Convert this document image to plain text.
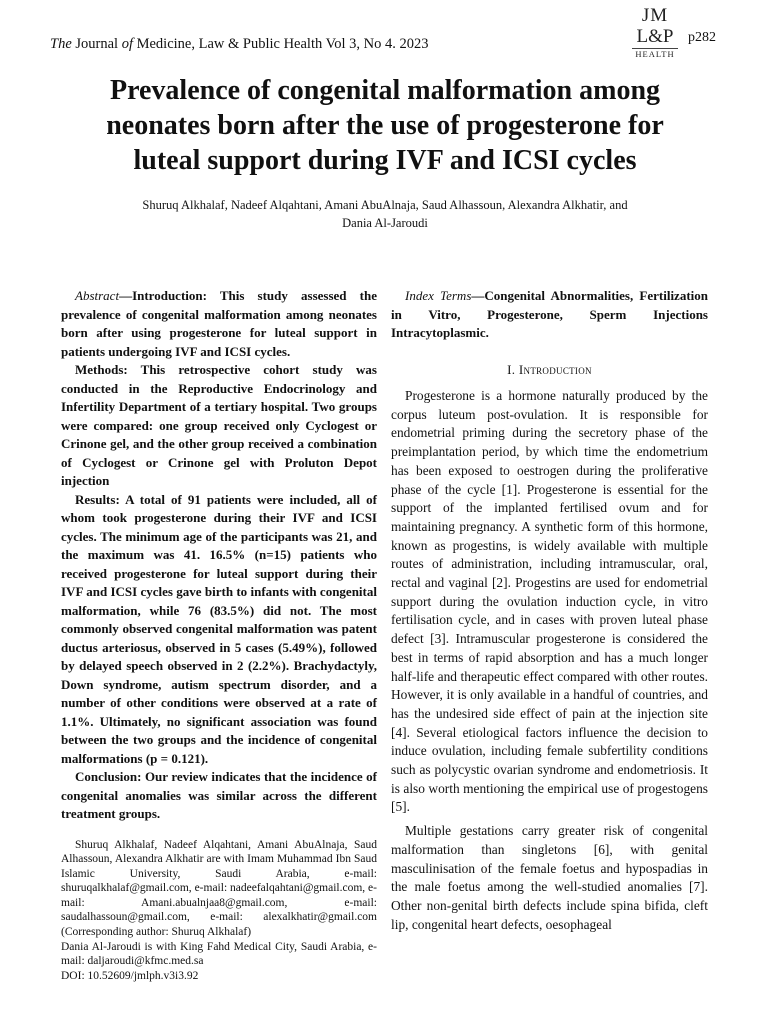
The Journal of Medicine, Law & Public Health Vol 3, No 4. 2023
JM
L&P
HEALTH
p282
Prevalence of congenital malformation among
neonates born after the use of progesterone for
luteal support during IVF and ICSI cycles
Shuruq Alkhalaf, Nadeef Alqahtani, Amani AbuAlnaja, Saud Alhassoun, Alexandra Alkhatir, and
Dania Al-Jaroudi

Abstract—Introduction: This study assessed the prevalence of congenital malformation among neonates born after using progesterone for luteal support in patients undergoing IVF and ICSI cycles.

Methods: This retrospective cohort study was conducted in the Reproductive Endocrinology and Infertility Department of a tertiary hospital. Two groups were compared: one group received only Cyclogest or Crinone gel, and the other group received a combination of Cyclogest or Crinone gel with Proluton Depot injection

Results: A total of 91 patients were included, all of whom took progesterone during their IVF and ICSI cycles. The minimum age of the participants was 21, and the maximum was 41. 16.5% (n=15) patients who received progesterone for luteal support during their IVF and ICSI cycles gave birth to infants with congenital malformation, while 76 (83.5%) did not. The most commonly observed congenital malformation was patent ductus arteriosus, observed in 5 cases (5.49%), followed by delayed speech observed in 2 (2.2%). Brachydactyly, Down syndrome, autism spectrum disorder, and a number of other conditions were observed at a rate of 1.1%. Ultimately, no significant association was found between the two groups and the incidence of congenital malformations (p = 0.121).

Conclusion: Our review indicates that the incidence of congenital anomalies was similar across the different treatment groups.

Shuruq Alkhalaf, Nadeef Alqahtani, Amani AbuAlnaja, Saud Alhassoun, Alexandra Alkhatir are with Imam Muhammad Ibn Saud Islamic University, Saudi Arabia, e-mail: shuruqalkhalaf@gmail.com, e-mail: nadeefalqahtani@gmail.com, e-mail: Amani.abualnjaa8@gmail.com, e-mail: saudalhassoun@gmail.com, e-mail: alexalkhatir@gmail.com (Corresponding author: Shuruq Alkhalaf)

Dania Al-Jaroudi is with King Fahd Medical City, Saudi Arabia, e-mail: daljaroudi@kfmc.med.sa

DOI: 10.52609/jmlph.v3i3.92

Index Terms—Congenital Abnormalities, Fertilization in Vitro, Progesterone, Sperm Injections Intracytoplasmic.

I. Introduction

Progesterone is a hormone naturally produced by the corpus luteum post-ovulation. It is responsible for endometrial priming during the secretory phase of the preimplantation period, by which time the endometrium has been exposed to oestrogen during the proliferative phase of the cycle [1]. Progesterone is essential for the support of the implanted fertilised ovum and for maintaining pregnancy. A synthetic form of this hormone, known as progestins, is widely available with multiple routes of administration, including intramuscular, oral, rectal and vaginal [2]. Progestins are used for endometrial support during the ovulation induction cycle, in vitro fertilisation cycle, and in cases with proven luteal phase defect [3]. Intramuscular progesterone is considered the best in terms of rapid absorption and has a much longer half-life and therapeutic effect compared with other routes. However, it is only available in a handful of countries, and has the undesired side effect of pain at the injection site [4]. Several etiological factors influence the decision to induce ovulation, including female subfertility conditions such as polycystic ovarian syndrome and endometriosis. It is also worth mentioning the empirical use of progestogens [5].

Multiple gestations carry greater risk of congenital malformation than singletons [6], with genital masculinisation of the female foetus and hypospadias in the male foetus among the well-studied anomalies [7]. Other non-genital birth defects include spina bifida, cleft lip, congenital heart defects, oesophageal
